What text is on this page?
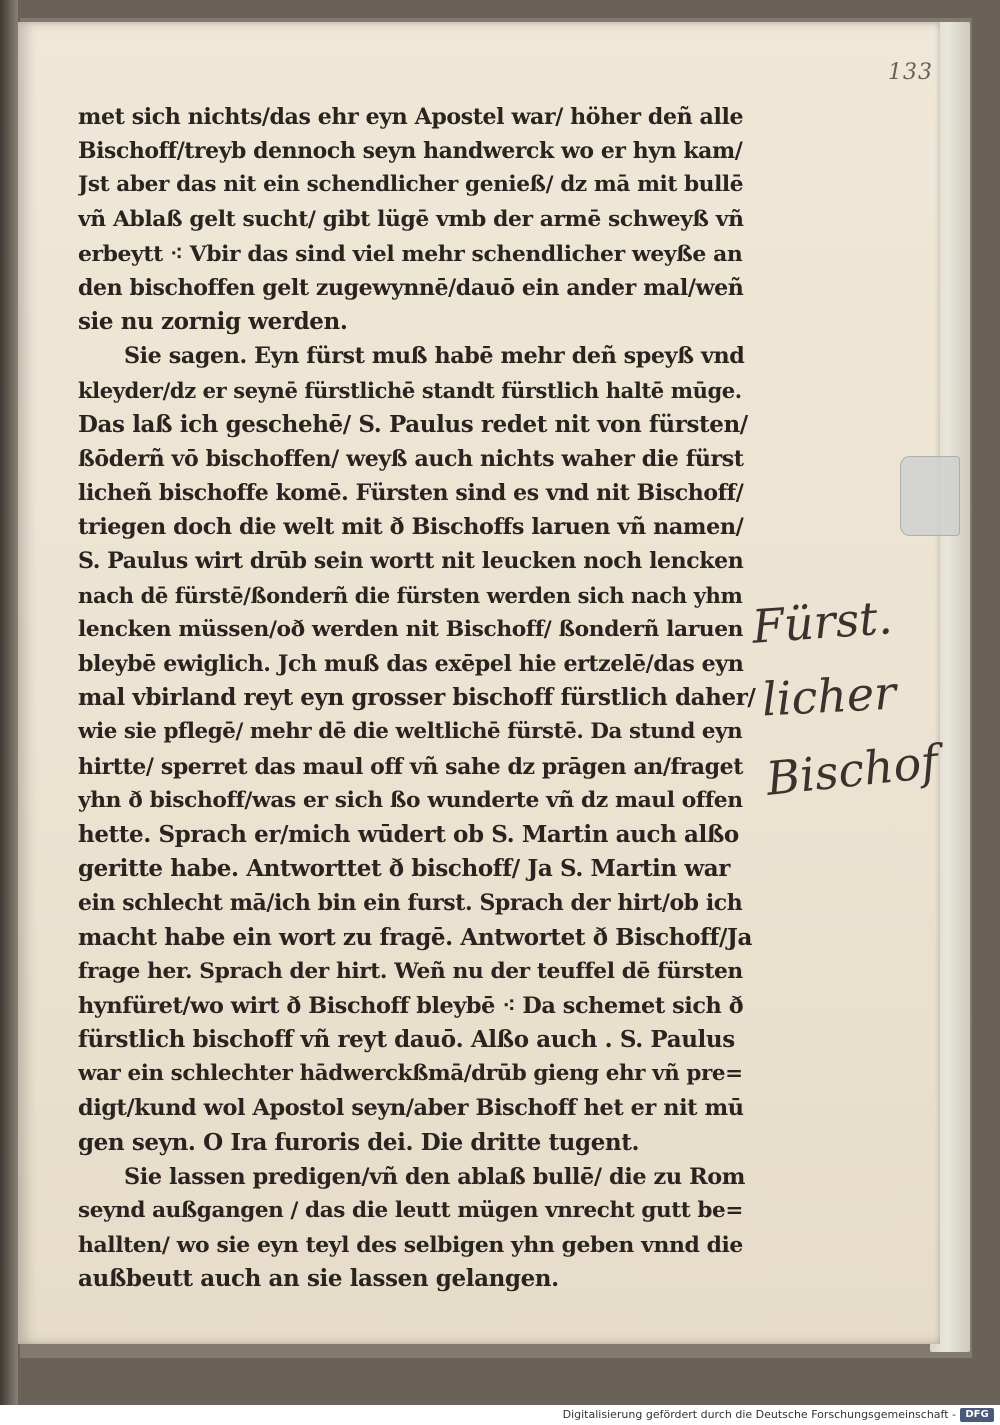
133
met sich nichts/das ehr eyn Apostel war/ höher deñ alle
Bischoff/treyb dennoch seyn handwerck wo er hyn kam/
Jst aber das nit ein schendlicher genieß/ dz mā mit bullē
vñ Ablaß gelt sucht/ gibt lügē vmb der armē schweyß vñ
erbeytt ⁖ Vbir das sind viel mehr schendlicher weyße an
den bischoffen gelt zugewynnē/dauō ein ander mal/weñ
sie nu zornig werden.
Sie sagen. Eyn fürst muß habē mehr deñ speyß vnd
kleyder/dz er seynē fürstlichē standt fürstlich haltē mūge.
Das laß ich geschehē/ S. Paulus redet nit von fürsten/
ßōderñ vō bischoffen/ weyß auch nichts waher die fürst
licheñ bischoffe komē. Fürsten sind es vnd nit Bischoff/
triegen doch die welt mit ð Bischoffs laruen vñ namen/
S. Paulus wirt drūb sein wortt nit leucken noch lencken
nach dē fürstē/ßonderñ die fürsten werden sich nach yhm
lencken müssen/oð werden nit Bischoff/ ßonderñ laruen
bleybē ewiglich. Jch muß das exēpel hie ertzelē/das eyn
mal vbirland reyt eyn grosser bischoff fürstlich daher/
wie sie pflegē/ mehr dē die weltlichē fürstē. Da stund eyn
hirtte/ sperret das maul off vñ sahe dz prāgen an/fraget
yhn ð bischoff/was er sich ßo wunderte vñ dz maul offen
hette. Sprach er/mich wūdert ob S. Martin auch alßo
geritte habe. Antworttet ð bischoff/ Ja S. Martin war
ein schlecht mā/ich bin ein furst. Sprach der hirt/ob ich
macht habe ein wort zu fragē. Antwortet ð Bischoff/Ja
frage her. Sprach der hirt. Weñ nu der teuffel dē fürsten
hynfüret/wo wirt ð Bischoff bleybē ⁖ Da schemet sich ð
fürstlich bischoff vñ reyt dauō. Alßo auch . S. Paulus
war ein schlechter hādwerckßmā/drūb gieng ehr vñ pre=
digt/kund wol Apostol seyn/aber Bischoff het er nit mū
gen seyn. O Ira furoris dei. Die dritte tugent.
Sie lassen predigen/vñ den ablaß bullē/ die zu Rom
seynd außgangen / das die leutt mügen vnrecht gutt be=
hallten/ wo sie eyn teyl des selbigen yhn geben vnnd die
außbeutt auch an sie lassen gelangen.
Fürst.
licher
Bischof
Digitalisierung gefördert durch die Deutsche Forschungsgemeinschaft - DFG
